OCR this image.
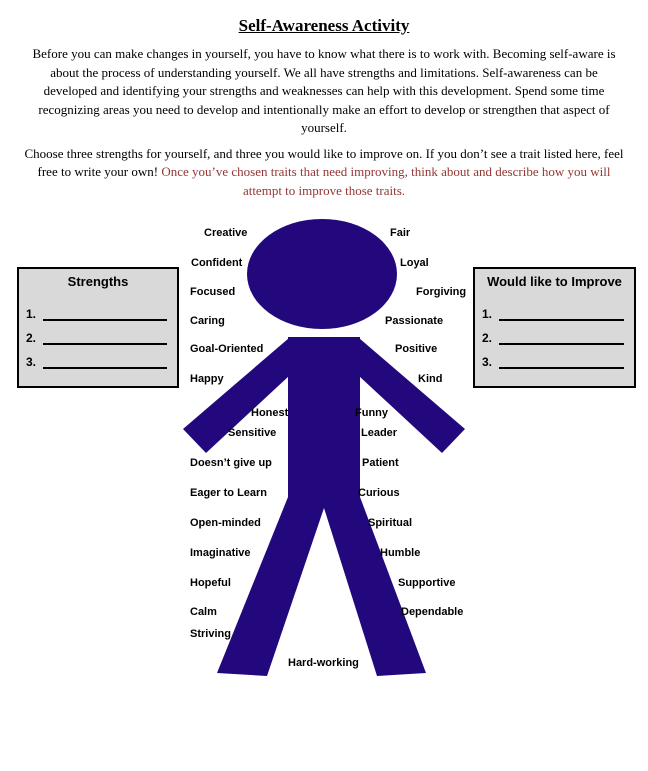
Self-Awareness Activity

Before you can make changes in yourself, you have to know what there is to work with. Becoming self-aware is about the process of understanding yourself. We all have strengths and limitations. Self-awareness can be developed and identifying your strengths and weaknesses can help with this development. Spend some time recognizing areas you need to develop and intentionally make an effort to develop or strengthen that aspect of yourself.

Choose three strengths for yourself, and three you would like to improve on. If you don’t see a trait listed here, feel free to write your own! Once you’ve chosen traits that need improving, think about and describe how you will attempt to improve those traits.

Creative
Confident
Focused
Caring
Goal-Oriented
Happy
Honest
Sensitive
Doesn’t give up
Eager to Learn
Open-minded
Imaginative
Hopeful
Calm
Striving
Hard-working
Fair
Loyal
Forgiving
Passionate
Positive
Kind
Funny
Leader
Patient
Curious
Spiritual
Humble
Supportive
Dependable
Strengths
1.
2.
3.
Would like to Improve
1.
2.
3.
